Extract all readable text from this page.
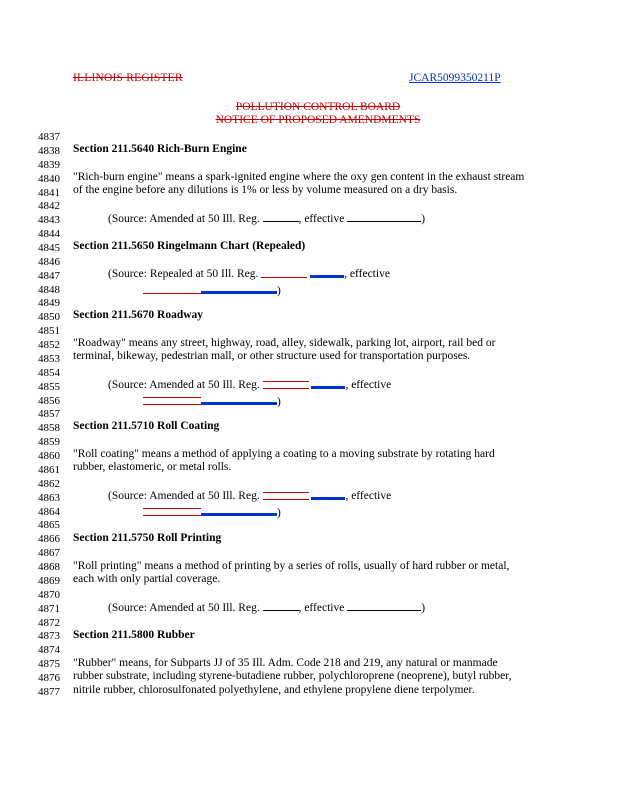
ILLINOIS REGISTER	JCAR5099350211P
POLLUTION CONTROL BOARD
NOTICE OF PROPOSED AMENDMENTS
4837
4838
4839
4840
4841
4842
4843
4844
4845
4846
4847
4848
4849
4850
4851
4852
4853
4854
4855
4856
4857
4858
4859
4860
4861
4862
4863
4864
4865
4866
4867
4868
4869
4870
4871
4872
4873
4874
4875
4876
4877
Section 211.5640 Rich-Burn Engine
"Rich-burn engine" means a spark-ignited engine where the oxy gen content in the exhaust stream
of the engine before any dilutions is 1% or less by volume measured on a dry basis.
(Source: Amended at 50 Ill. Reg.	, effective	)
Section 211.5650 Ringelmann Chart (Repealed)
(Source: Repealed at 50 Ill. Reg.	, effective
)
Section 211.5670 Roadway
"Roadway" means any street, highway, road, alley, sidewalk, parking lot, airport, rail bed or
terminal, bikeway, pedestrian mall, or other structure used for transportation purposes.
(Source: Amended at 50 Ill. Reg.	, effective
)
Section 211.5710 Roll Coating
"Roll coating" means a method of applying a coating to a moving substrate by rotating hard
rubber, elastomeric, or metal rolls.
(Source: Amended at 50 Ill. Reg.	, effective
)
Section 211.5750 Roll Printing
"Roll printing" means a method of printing by a series of rolls, usually of hard rubber or metal,
each with only partial coverage.
(Source: Amended at 50 Ill. Reg.	, effective	)
Section 211.5800 Rubber
"Rubber" means, for Subparts JJ of 35 Ill. Adm. Code 218 and 219, any natural or manmade
rubber substrate, including styrene-butadiene rubber, polychloroprene (neoprene), butyl rubber,
nitrile rubber, chlorosulfonated polyethylene, and ethylene propylene diene terpolymer.
